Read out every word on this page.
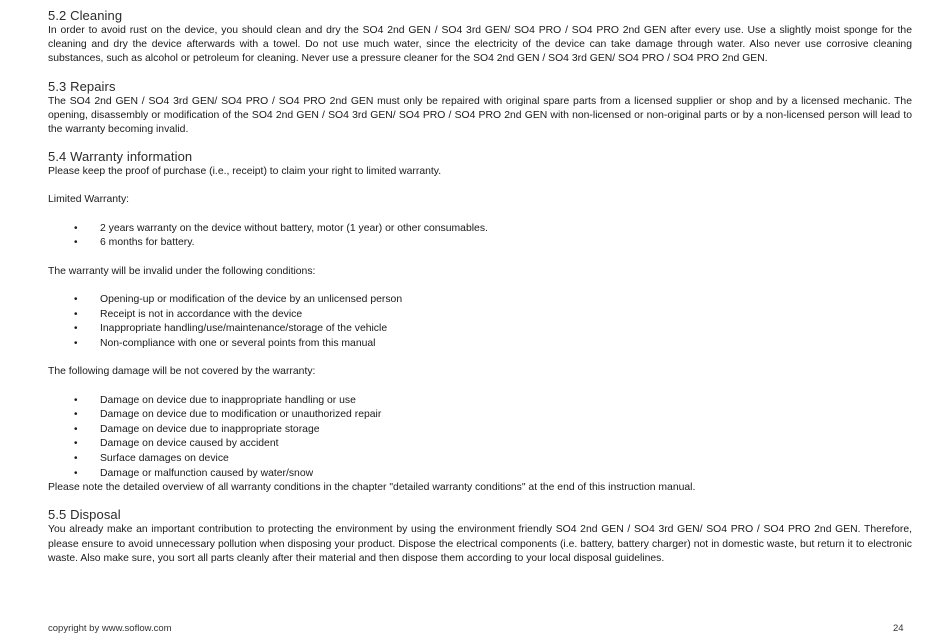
5.2 Cleaning

In order to avoid rust on the device, you should clean and dry the SO4 2nd GEN / SO4 3rd GEN/ SO4 PRO / SO4 PRO 2nd GEN after every use. Use a slightly moist sponge for the cleaning and dry the device afterwards with a towel. Do not use much water, since the electricity of the device can take damage through water. Also never use corrosive cleaning substances, such as alcohol or petroleum for cleaning. Never use a pressure cleaner for the SO4 2nd GEN / SO4 3rd GEN/ SO4 PRO / SO4 PRO 2nd GEN.

5.3 Repairs

The SO4 2nd GEN / SO4 3rd GEN/ SO4 PRO / SO4 PRO 2nd GEN must only be repaired with original spare parts from a licensed supplier or shop and by a licensed mechanic. The opening, disassembly or modification of the SO4 2nd GEN / SO4 3rd GEN/ SO4 PRO / SO4 PRO 2nd GEN with non-licensed or non-original parts or by a non-licensed person will lead to the warranty becoming invalid.

5.4 Warranty information

Please keep the proof of purchase (i.e., receipt) to claim your right to limited warranty.

Limited Warranty:

• 2 years warranty on the device without battery, motor (1 year) or other consumables.
• 6 months for battery.

The warranty will be invalid under the following conditions:

• Opening-up or modification of the device by an unlicensed person
• Receipt is not in accordance with the device
• Inappropriate handling/use/maintenance/storage of the vehicle
• Non-compliance with one or several points from this manual

The following damage will be not covered by the warranty:

• Damage on device due to inappropriate handling or use
• Damage on device due to modification or unauthorized repair
• Damage on device due to inappropriate storage
• Damage on device caused by accident
• Surface damages on device
• Damage or malfunction caused by water/snow

Please note the detailed overview of all warranty conditions in the chapter "detailed warranty conditions" at the end of this instruction manual.

5.5 Disposal

You already make an important contribution to protecting the environment by using the environment friendly SO4 2nd GEN / SO4 3rd GEN/ SO4 PRO / SO4 PRO 2nd GEN. Therefore, please ensure to avoid unnecessary pollution when disposing your product. Dispose the electrical components (i.e. battery, battery charger) not in domestic waste, but return it to electronic waste. Also make sure, you sort all parts cleanly after their material and then dispose them according to your local disposal guidelines.

copyright by www.soflow.com	24
